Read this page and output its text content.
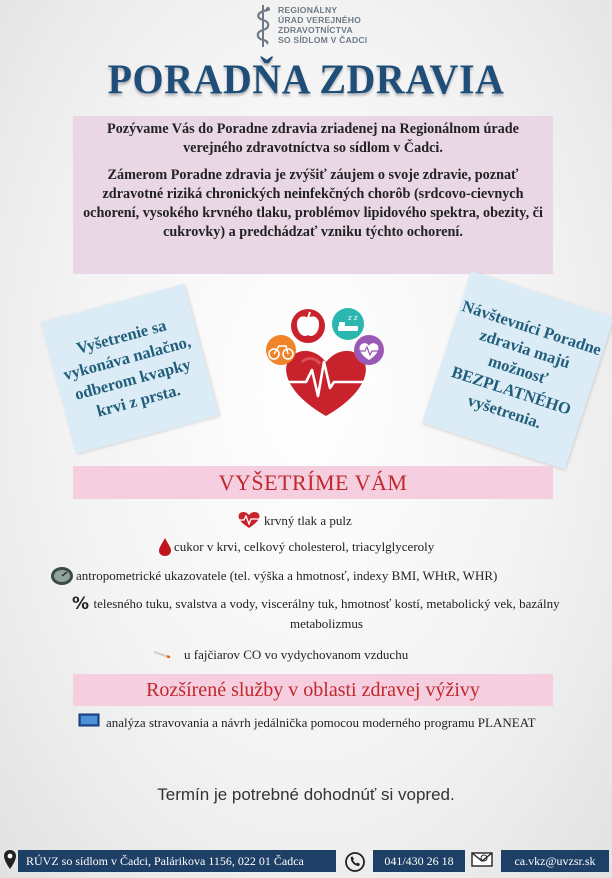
REGIONÁLNY
ÚRAD VEREJNÉHO
ZDRAVOTNÍCTVA
SO SÍDLOM V ČADCI
PORADŇA ZDRAVIA

Pozývame Vás do Poradne zdravia zriadenej na Regionálnom úrade verejného zdravotníctva so sídlom v Čadci.

Zámerom Poradne zdravia je zvýšiť záujem o svoje zdravie, poznať zdravotné riziká chronických neinfekčných chorôb (srdcovo-cievnych ochorení, vysokého krvného tlaku, problémov lipidového spektra, obezity, či cukrovky) a predchádzať vzniku týchto ochorení.

Vyšetrenie sa vykonáva nalačno, odberom kvapky krvi z prsta.
Návštevníci Poradne zdravia majú možnosť BEZPLATNÉHO vyšetrenia.
z z
VYŠETRÍME VÁM
krvný tlak a pulz
cukor v krvi, celkový cholesterol, triacylglyceroly
antropometrické ukazovatele (tel. výška a hmotnosť, indexy BMI, WHtR, WHR)
% telesného tuku, svalstva a vody, viscerálny tuk, hmotnosť kostí, metabolický vek, bazálny metabolizmus
u fajčiarov CO vo vydychovanom vzduchu
Rozšírené služby v oblasti zdravej výživy
analýza stravovania a návrh jedálnička pomocou moderného programu PLANEAT
Termín je potrebné dohodnúť si vopred.
RÚVZ so sídlom v Čadci, Palárikova 1156, 022 01 Čadca	041/430 26 18	ca.vkz@uvzsr.sk
